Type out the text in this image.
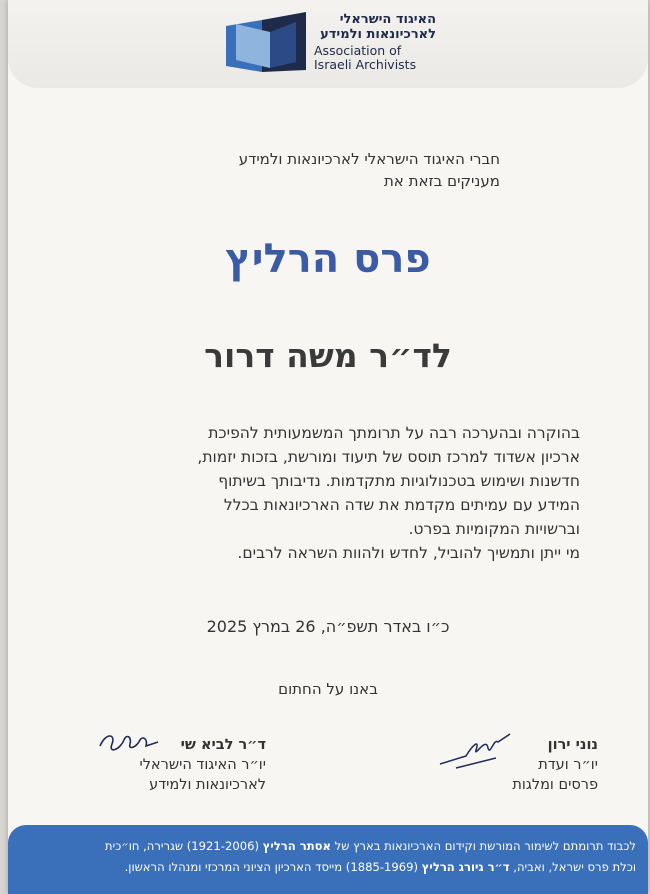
האיגוד הישראלי
לארכיונאות ולמידע
Association of
Israeli Archivists
חברי האיגוד הישראלי לארכיונאות ולמידע
מעניקים בזאת את
פרס הרליץ
לד״ר משה דרור
בהוקרה ובהערכה רבה על תרומתך המשמעותית להפיכת
ארכיון אשדוד למרכז תוסס של תיעוד ומורשת, בזכות יזמות,
חדשנות ושימוש בטכנולוגיות מתקדמות. נדיבותך בשיתוף
המידע עם עמיתים מקדמת את שדה הארכיונאות בכלל
וברשויות המקומיות בפרט.
מי ייתן ותמשיך להוביל, לחדש ולהוות השראה לרבים.
כ״ו באדר תשפ״ה, 26 במרץ 2025
באנו על החתום
ד״ר לביא שי
יו״ר האיגוד הישראלי
לארכיונאות ולמידע
נוני ירון
יו״ר ועדת
פרסים ומלגות
לכבוד תרומתם לשימור המורשת וקידום הארכיונאות בארץ של אסתר הרליץ (1921-2006) שגרירה, חו״כית
וכלת פרס ישראל, ואביה, ד״ר גיורג הרליץ (1885-1969) מייסד הארכיון הציוני המרכזי ומנהלו הראשון.
